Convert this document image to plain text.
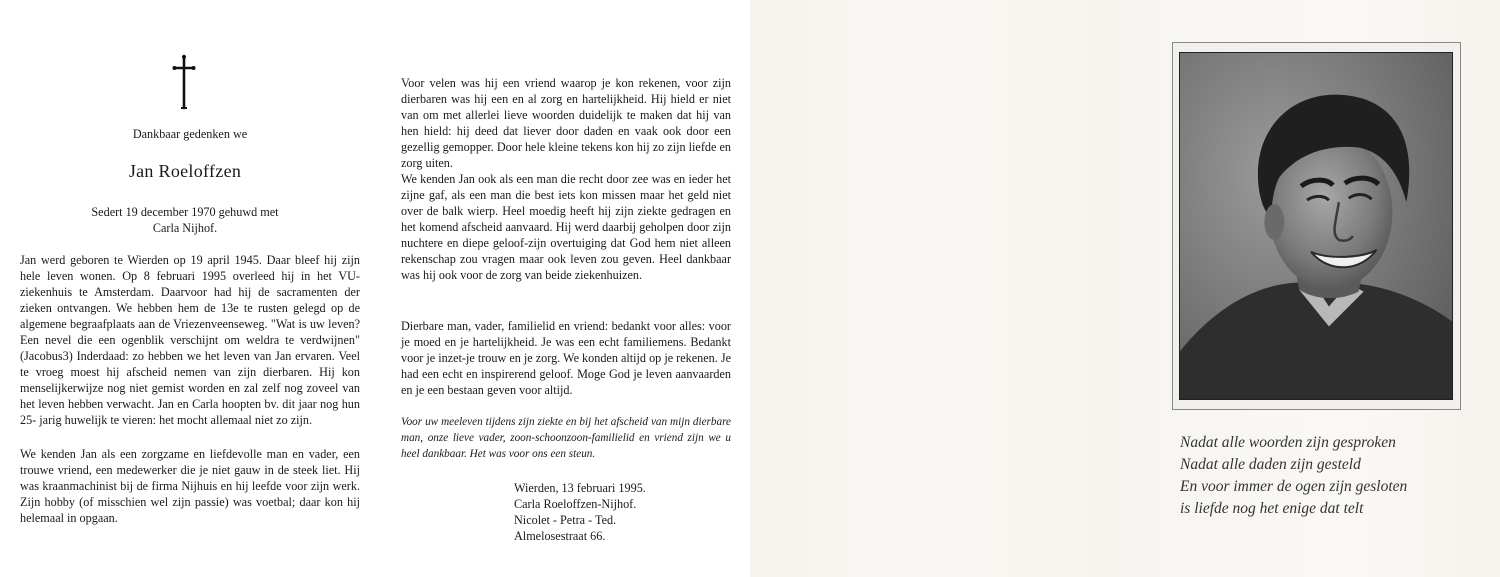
Dankbaar gedenken we
Jan Roeloffzen
Sedert 19 december 1970 gehuwd met
Carla Nijhof.

Jan werd geboren te Wierden op 19 april 1945. Daar bleef hij zijn hele leven wonen. Op 8 februari 1995 overleed hij in het VU-ziekenhuis te Amsterdam. Daarvoor had hij de sacramenten der zieken ontvangen. We hebben hem de 13e te rusten gelegd op de algemene begraafplaats aan de Vriezenveenseweg. "Wat is uw leven? Een nevel die een ogenblik verschijnt om weldra te verdwijnen" (Jacobus3) Inderdaad: zo hebben we het leven van Jan ervaren. Veel te vroeg moest hij afscheid nemen van zijn dierbaren. Hij kon menselijkerwijze nog niet gemist worden en zal zelf nog zoveel van het leven hebben verwacht. Jan en Carla hoopten bv. dit jaar nog hun 25- jarig huwelijk te vieren: het mocht allemaal niet zo zijn.

We kenden Jan als een zorgzame en liefdevolle man en vader, een trouwe vriend, een medewerker die je niet gauw in de steek liet. Hij was kraanmachinist bij de firma Nijhuis en hij leefde voor zijn werk. Zijn hobby (of misschien wel zijn passie) was voetbal; daar kon hij helemaal in opgaan.

Voor velen was hij een vriend waarop je kon rekenen, voor zijn dierbaren was hij een en al zorg en hartelijkheid. Hij hield er niet van om met allerlei lieve woorden duidelijk te maken dat hij van hen hield: hij deed dat liever door daden en vaak ook door een gezellig gemopper. Door hele kleine tekens kon hij zo zijn liefde en zorg uiten.

We kenden Jan ook als een man die recht door zee was en ieder het zijne gaf, als een man die best iets kon missen maar het geld niet over de balk wierp. Heel moedig heeft hij zijn ziekte gedragen en het komend afscheid aanvaard. Hij werd daarbij geholpen door zijn nuchtere en diepe geloof-zijn overtuiging dat God hem niet alleen rekenschap zou vragen maar ook leven zou geven. Heel dankbaar was hij ook voor de zorg van beide ziekenhuizen.

Dierbare man, vader, familielid en vriend: bedankt voor alles: voor je moed en je hartelijkheid. Je was een echt familiemens. Bedankt voor je inzet-je trouw en je zorg. We konden altijd op je rekenen. Je had een echt en inspirerend geloof. Moge God je leven aanvaarden en je een bestaan geven voor altijd.

Voor uw meeleven tijdens zijn ziekte en bij het afscheid van mijn dierbare man, onze lieve vader, zoon-schoonzoon-familielid en vriend zijn we u heel dankbaar. Het was voor ons een steun.

Wierden, 13 februari 1995.
Carla Roeloffzen-Nijhof.
Nicolet - Petra - Ted.
Almelosestraat 66.
Nadat alle woorden zijn gesproken
Nadat alle daden zijn gesteld
En voor immer de ogen zijn gesloten
is liefde nog het enige dat telt
